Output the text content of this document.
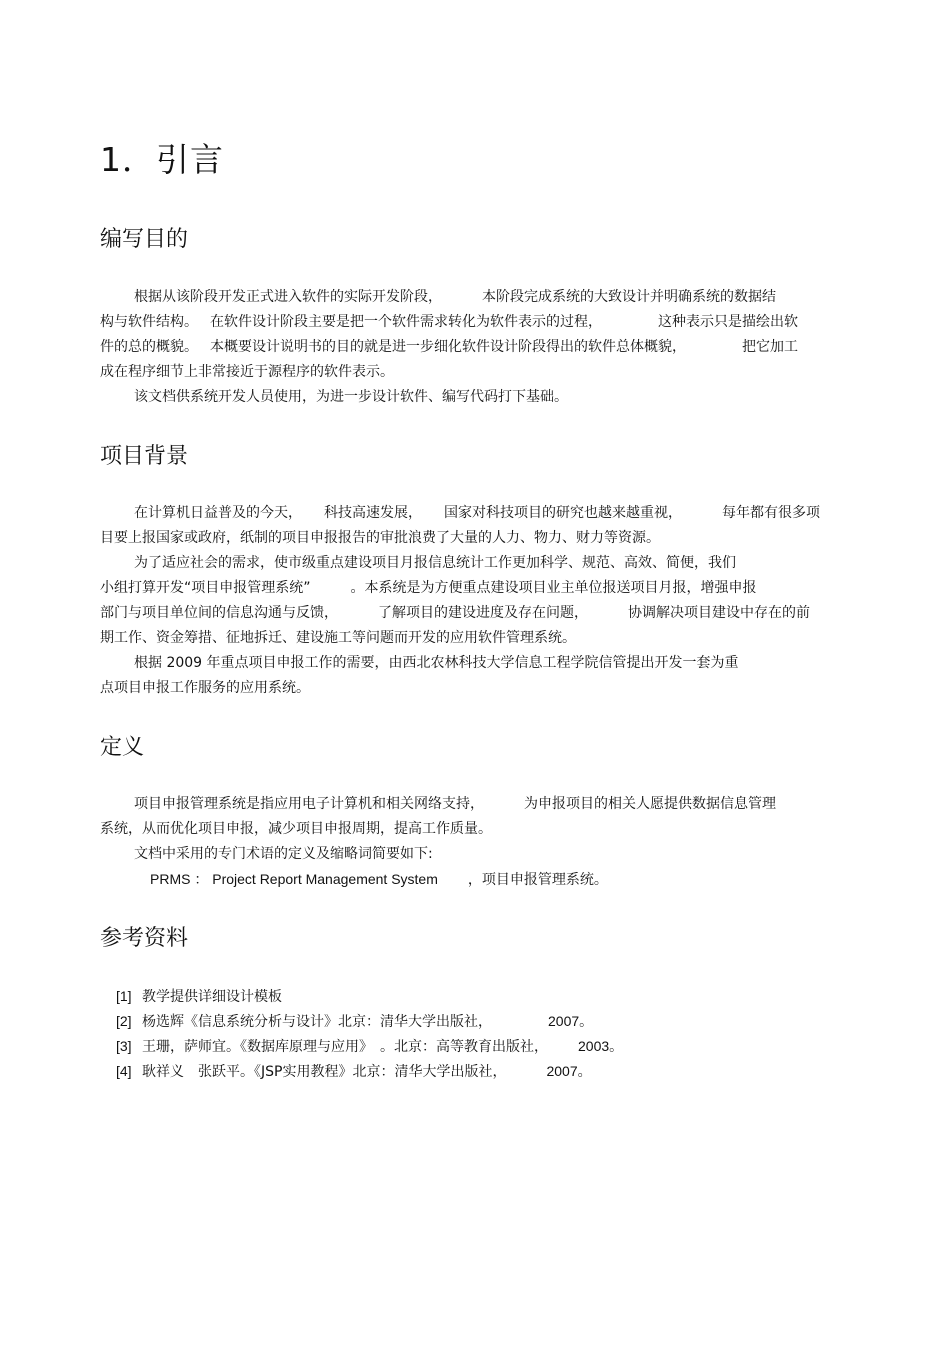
1．引言
编写目的
根据从该阶段开发正式进入软件的实际开发阶段，	本阶段完成系统的大致设计并明确系统的数据结
构与软件结构。 在软件设计阶段主要是把一个软件需求转化为软件表示的过程，	这种表示只是描绘出软
件的总的概貌。 本概要设计说明书的目的就是进一步细化软件设计阶段得出的软件总体概貌，	把它加工
成在程序细节上非常接近于源程序的软件表示。
该文档供系统开发人员使用，为进一步设计软件、编写代码打下基础。
项目背景
在计算机日益普及的今天， 科技高速发展， 国家对科技项目的研究也越来越重视，	每年都有很多项
目要上报国家或政府，纸制的项目申报报告的审批浪费了大量的人力、物力、财力等资源。
为了适应社会的需求，使市级重点建设项目月报信息统计工作更加科学、规范、高效、简便，我们
小组打算开发“项目申报管理系统”	。本系统是为方便重点建设项目业主单位报送项目月报，增强申报
部门与项目单位间的信息沟通与反馈，	了解项目的建设进度及存在问题，	协调解决项目建设中存在的前
期工作、资金筹措、征地拆迁、建设施工等问题而开发的应用软件管理系统。
根据 2009 年重点项目申报工作的需要，由西北农林科技大学信息工程学院信管提出开发一套为重
点项目申报工作服务的应用系统。
定义
项目申报管理系统是指应用电子计算机和相关网络支持，	为申报项目的相关人愿提供数据信息管理
系统，从而优化项目申报，减少项目申报周期，提高工作质量。
文档中采用的专门术语的定义及缩略词简要如下:
PRMS ： Project Report Management System ，项目申报管理系统。
参考资料
[1] 教学提供详细设计模板
[2] 杨选辉《信息系统分析与设计》北京：清华大学出版社，	2007。
[3] 王珊，萨师宜。《数据库原理与应用》 。北京：高等教育出版社， 2003。
[4] 耿祥义　张跃平。《JSP实用教程》北京：清华大学出版社，	2007。
